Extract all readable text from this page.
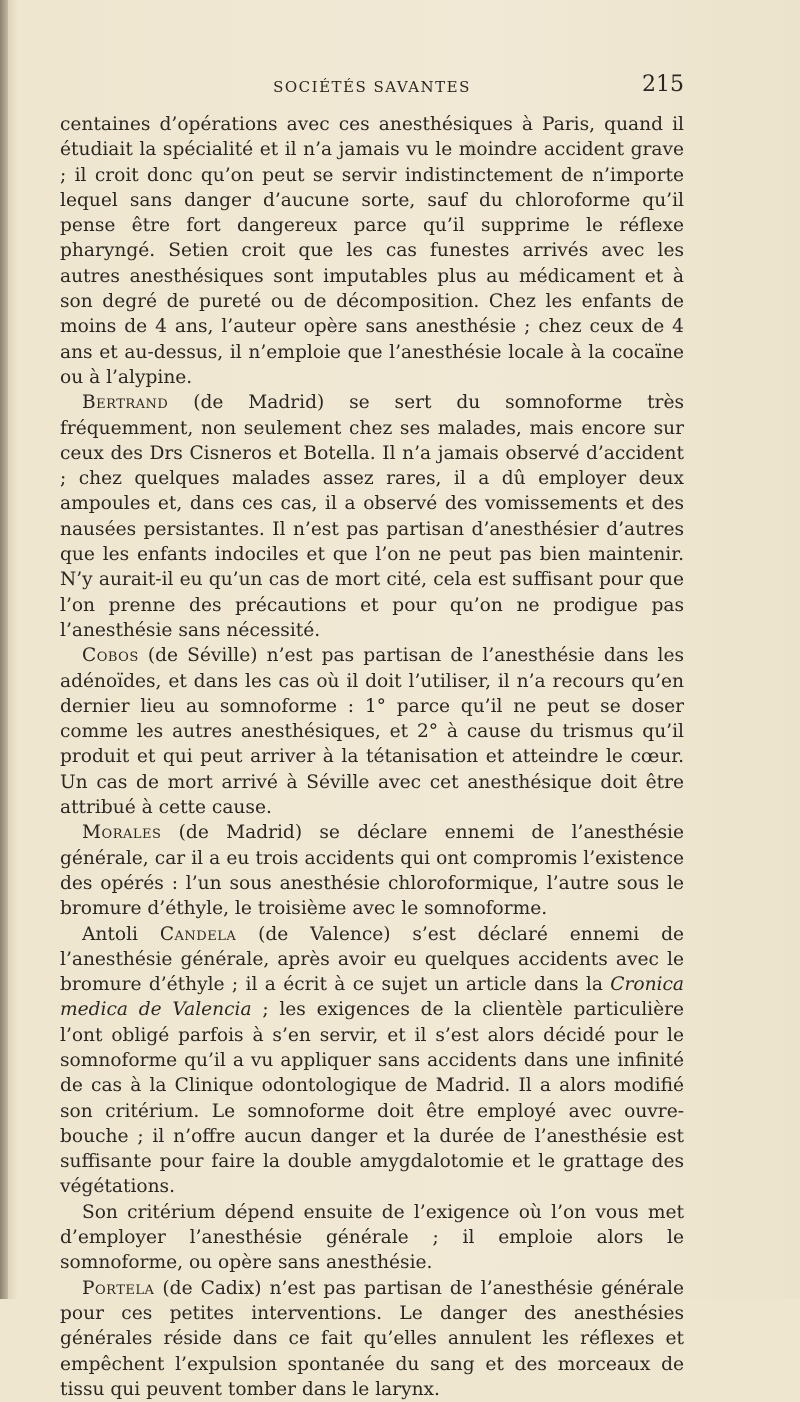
SOCIÉTÉS SAVANTES	215

centaines d’opérations avec ces anesthésiques à Paris, quand il étudiait la spécialité et il n’a jamais vu le moindre accident grave ; il croit donc qu’on peut se servir indistinctement de n’importe lequel sans danger d’aucune sorte, sauf du chloroforme qu’il pense être fort dangereux parce qu’il supprime le réflexe pharyngé. Setien croit que les cas funestes arrivés avec les autres anesthésiques sont imputables plus au médicament et à son degré de pureté ou de décomposition. Chez les enfants de moins de 4 ans, l’auteur opère sans anesthésie ; chez ceux de 4 ans et au-dessus, il n’emploie que l’anesthésie locale à la cocaïne ou à l’alypine.

Bertrand (de Madrid) se sert du somnoforme très fréquemment, non seulement chez ses malades, mais encore sur ceux des Drs Cisneros et Botella. Il n’a jamais observé d’accident ; chez quelques malades assez rares, il a dû employer deux ampoules et, dans ces cas, il a observé des vomissements et des nausées persistantes. Il n’est pas partisan d’anesthésier d’autres que les enfants indociles et que l’on ne peut pas bien maintenir. N’y aurait-il eu qu’un cas de mort cité, cela est suffisant pour que l’on prenne des précautions et pour qu’on ne prodigue pas l’anesthésie sans nécessité.

Cobos (de Séville) n’est pas partisan de l’anesthésie dans les adénoïdes, et dans les cas où il doit l’utiliser, il n’a recours qu’en dernier lieu au somnoforme : 1° parce qu’il ne peut se doser comme les autres anesthésiques, et 2° à cause du trismus qu’il produit et qui peut arriver à la tétanisation et atteindre le cœur. Un cas de mort arrivé à Séville avec cet anesthésique doit être attribué à cette cause.

Morales (de Madrid) se déclare ennemi de l’anesthésie générale, car il a eu trois accidents qui ont compromis l’existence des opérés : l’un sous anesthésie chloroformique, l’autre sous le bromure d’éthyle, le troisième avec le somnoforme.

Antoli Candela (de Valence) s’est déclaré ennemi de l’anesthésie générale, après avoir eu quelques accidents avec le bromure d’éthyle ; il a écrit à ce sujet un article dans la Cronica medica de Valencia ; les exigences de la clientèle particulière l’ont obligé parfois à s’en servir, et il s’est alors décidé pour le somnoforme qu’il a vu appliquer sans accidents dans une infinité de cas à la Clinique odontologique de Madrid. Il a alors modifié son critérium. Le somnoforme doit être employé avec ouvre-bouche ; il n’offre aucun danger et la durée de l’anesthésie est suffisante pour faire la double amygdalotomie et le grattage des végétations.

Son critérium dépend ensuite de l’exigence où l’on vous met d’employer l’anesthésie générale ; il emploie alors le somnoforme, ou opère sans anesthésie.

Portela (de Cadix) n’est pas partisan de l’anesthésie générale pour ces petites interventions. Le danger des anesthésies générales réside dans ce fait qu’elles annulent les réflexes et empêchent l’expulsion spontanée du sang et des morceaux de tissu qui peuvent tomber dans le larynx.
